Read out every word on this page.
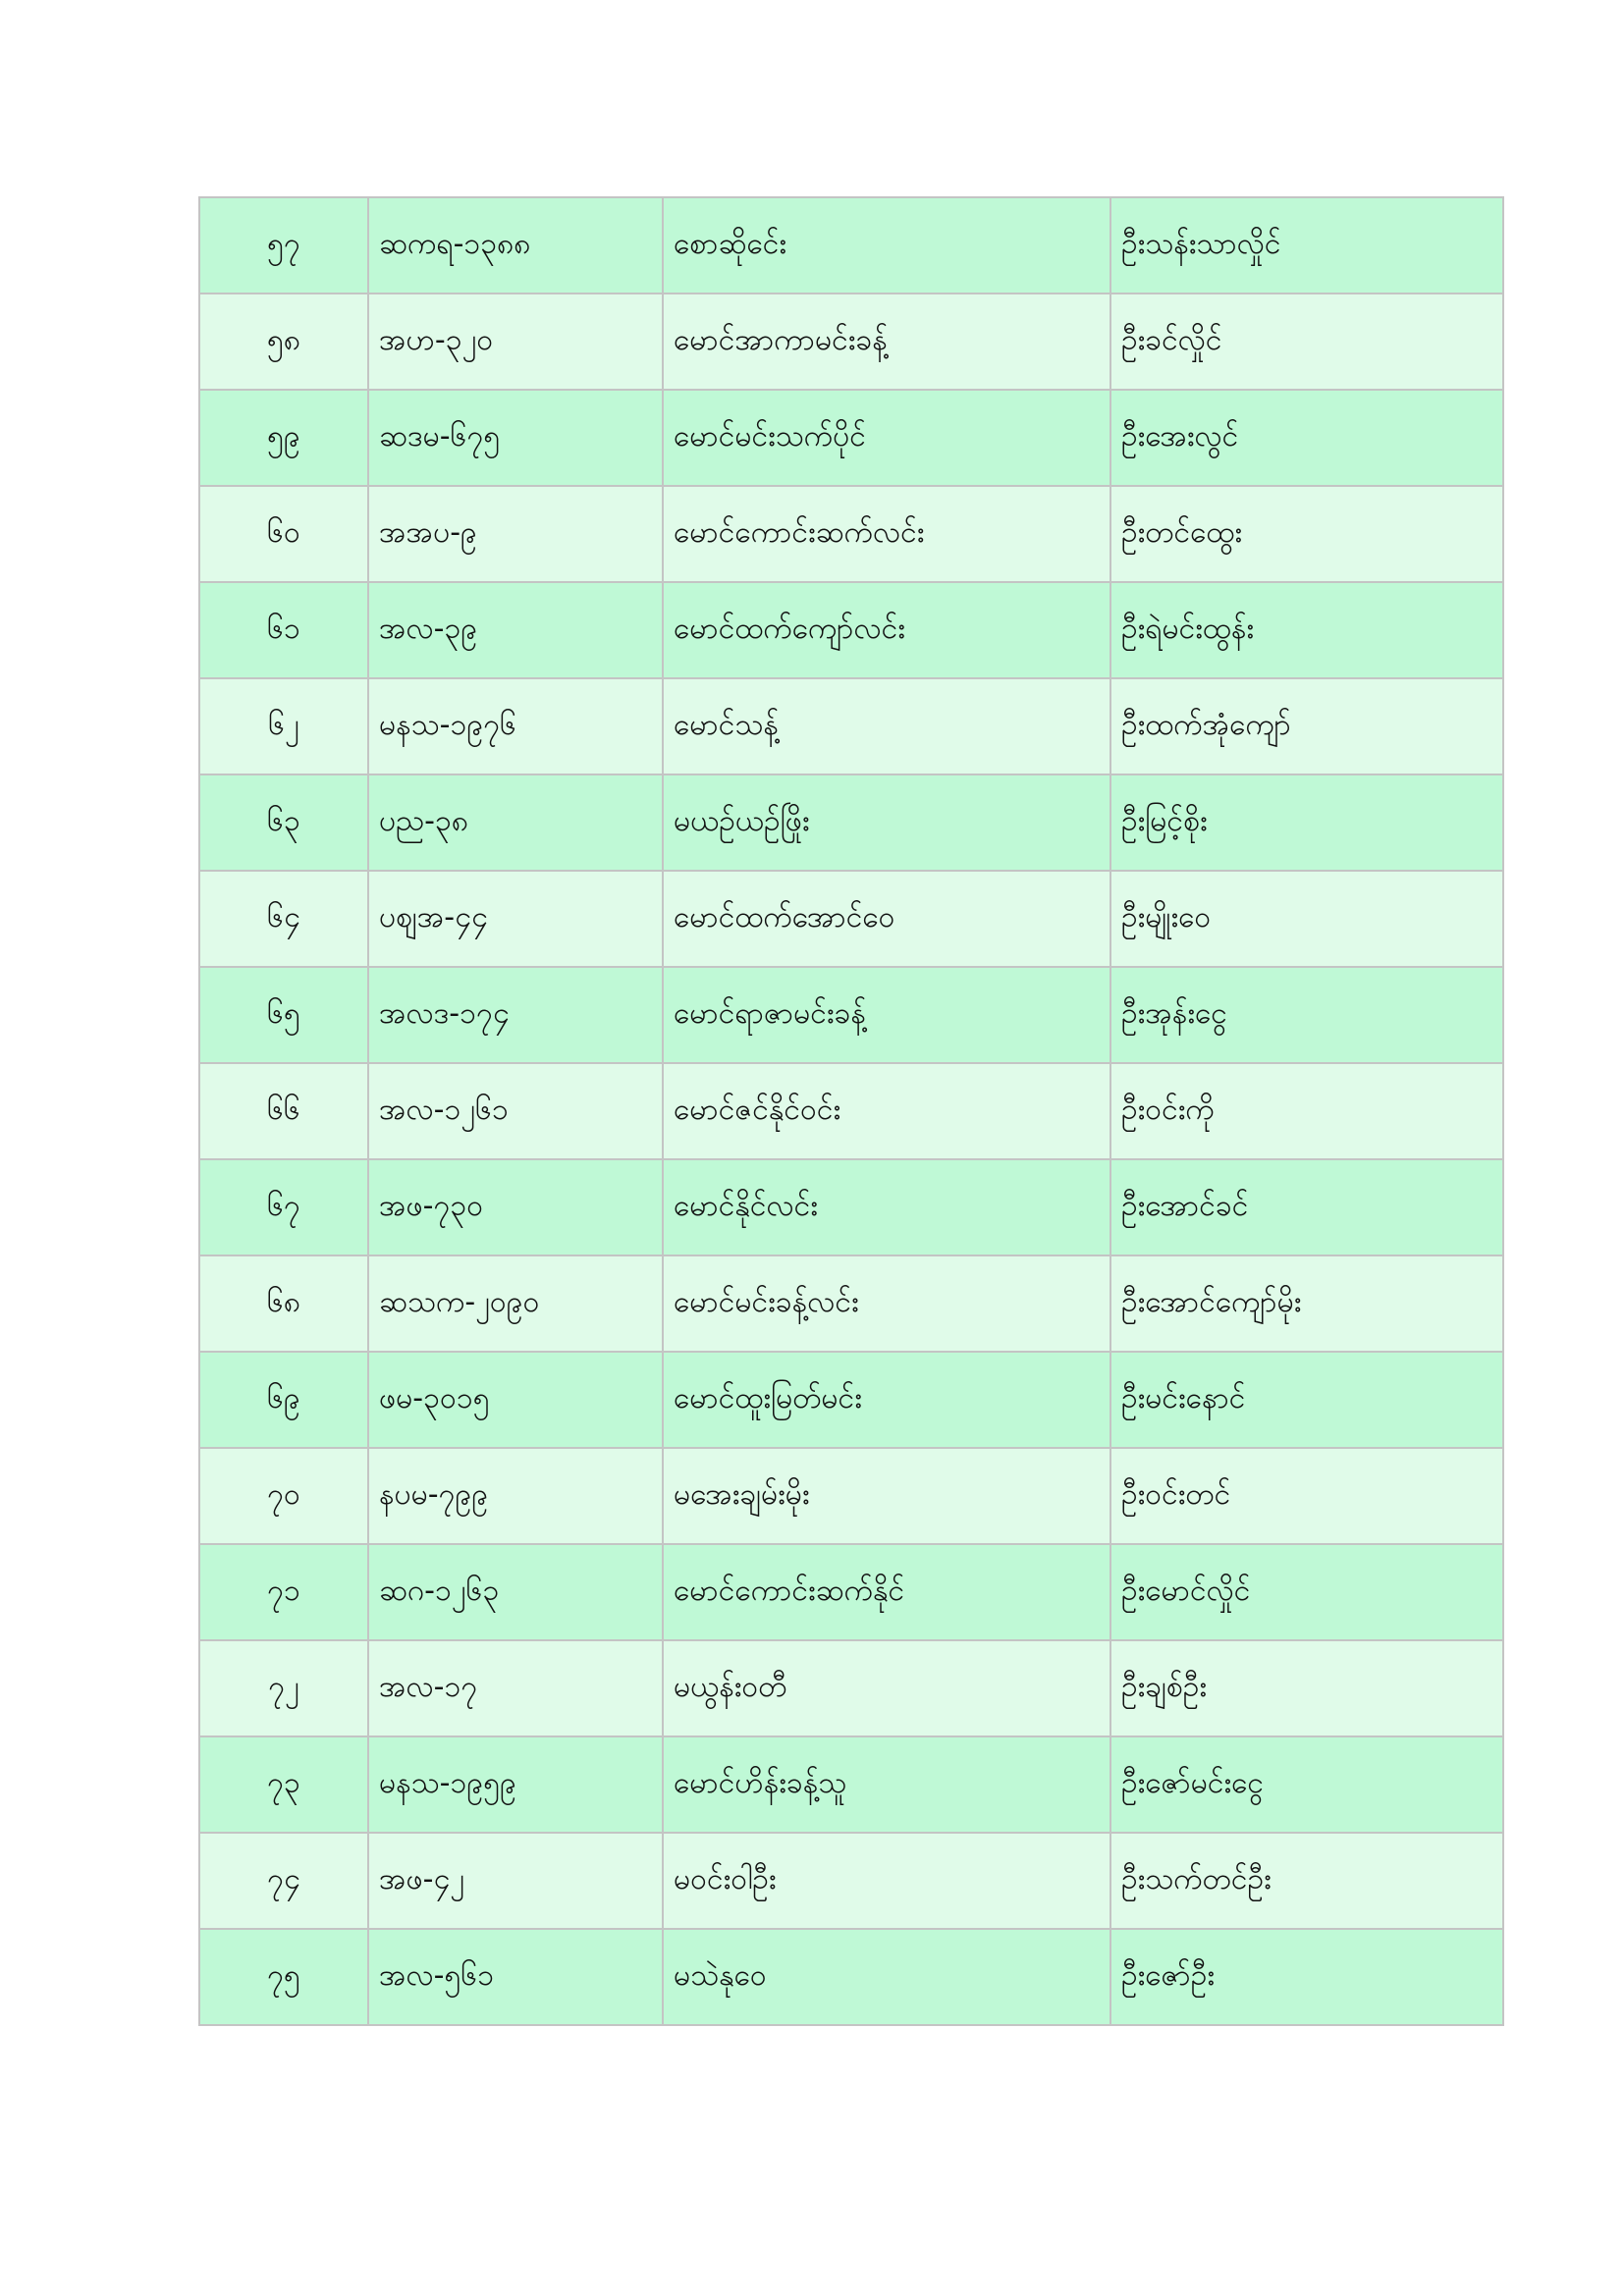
၅၇	ဆကရ-၁၃၈၈	စောဆိုင်ေး	ဦးသန်းသာလှိုင်
၅၈	အဟ-၃၂၀	မောင်အာကာမင်းခန့်	ဦးခင်လှိုင်
၅၉	ဆဒမ-၆၇၅	မောင်မင်းသက်ပိုင်	ဦးအေးလွင်
၆၀	အအပ-၉	မောင်ကောင်းဆက်လင်း	ဦးတင်ထွေး
၆၁	အလ-၃၉	မောင်ထက်ကျော်လင်း	ဦးရဲမင်းထွန်း
၆၂	မနသ-၁၉၇၆	မောင်သန့်	ဦးထက်အုံကျော်
၆၃	ပည-၃၈	မယဉ်ယဉ်ဖြိုး	ဦးမြင့်စိုး
၆၄	ပစျအ-၄၄	မောင်ထက်အောင်ဝေ	ဦးမျိုးဝေ
၆၅	အလဒ-၁၇၄	မောင်ရာဇာမင်းခန့်	ဦးအုန်းငွေ
၆၆	အလ-၁၂၆၁	မောင်ဇင်နိုင်ဝင်း	ဦးဝင်းကို
၆၇	အဖ-၇၃၀	မောင်နိုင်လင်း	ဦးအောင်ခင်
၆၈	ဆသက-၂၀၉၀	မောင်မင်းခန့်လင်း	ဦးအောင်ကျော်မိုး
၆၉	ဖမ-၃၀၁၅	မောင်ထူးမြတ်မင်း	ဦးမင်းနောင်
၇၀	နပမ-၇၉၉	မအေးချမ်းမိုး	ဦးဝင်းတင်
၇၁	ဆဂ-၁၂၆၃	မောင်ကောင်းဆက်နိုင်	ဦးမောင်လှိုင်
၇၂	အလ-၁၇	မယွန်းဝတီ	ဦးချစ်ဦး
၇၃	မနသ-၁၉၅၉	မောင်ဟိန်းခန့်သူ	ဦးဇော်မင်းငွေ
၇၄	အဖ-၄၂	မဝင်းဝါဦး	ဦးသက်တင်ဦး
၇၅	အလ-၅၆၁	မသဲနုဝေ	ဦးဇော်ဦး
